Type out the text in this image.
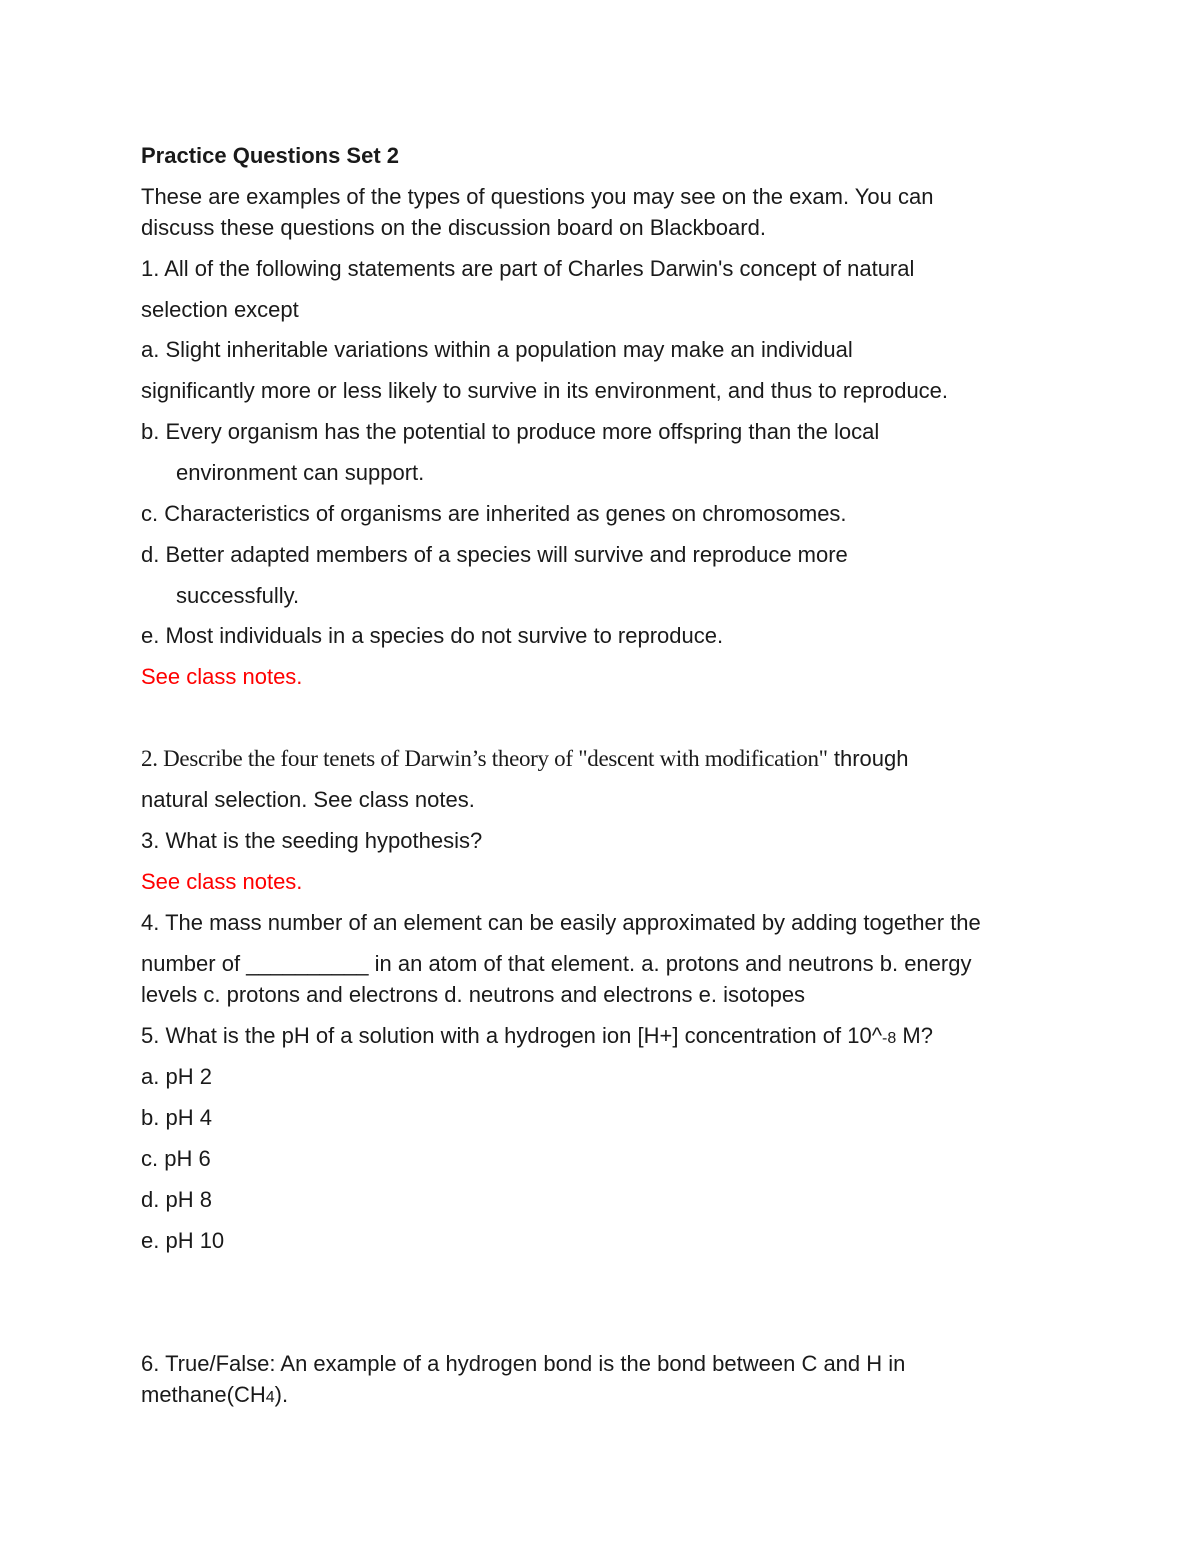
Practice Questions Set 2

These are examples of the types of questions you may see on the exam. You can

discuss these questions on the discussion board on Blackboard.

1. All of the following statements are part of Charles Darwin's concept of natural

selection except

a. Slight inheritable variations within a population may make an individual

significantly more or less likely to survive in its environment, and thus to reproduce.

b. Every organism has the potential to produce more offspring than the local

environment can support.

c. Characteristics of organisms are inherited as genes on chromosomes.

d. Better adapted members of a species will survive and reproduce more

successfully.

e. Most individuals in a species do not survive to reproduce.

See class notes.

2. Describe the four tenets of Darwin’s theory of "descent with modification" through

natural selection. See class notes.

3. What is the seeding hypothesis?

See class notes.

4. The mass number of an element can be easily approximated by adding together the

number of __________ in an atom of that element. a. protons and neutrons b. energy

levels c. protons and electrons d. neutrons and electrons e. isotopes

5. What is the pH of a solution with a hydrogen ion [H+] concentration of 10^-8 M?

a. pH 2

b. pH 4

c. pH 6

d. pH 8

e. pH 10

6. True/False: An example of a hydrogen bond is the bond between C and H in

methane(CH4).
